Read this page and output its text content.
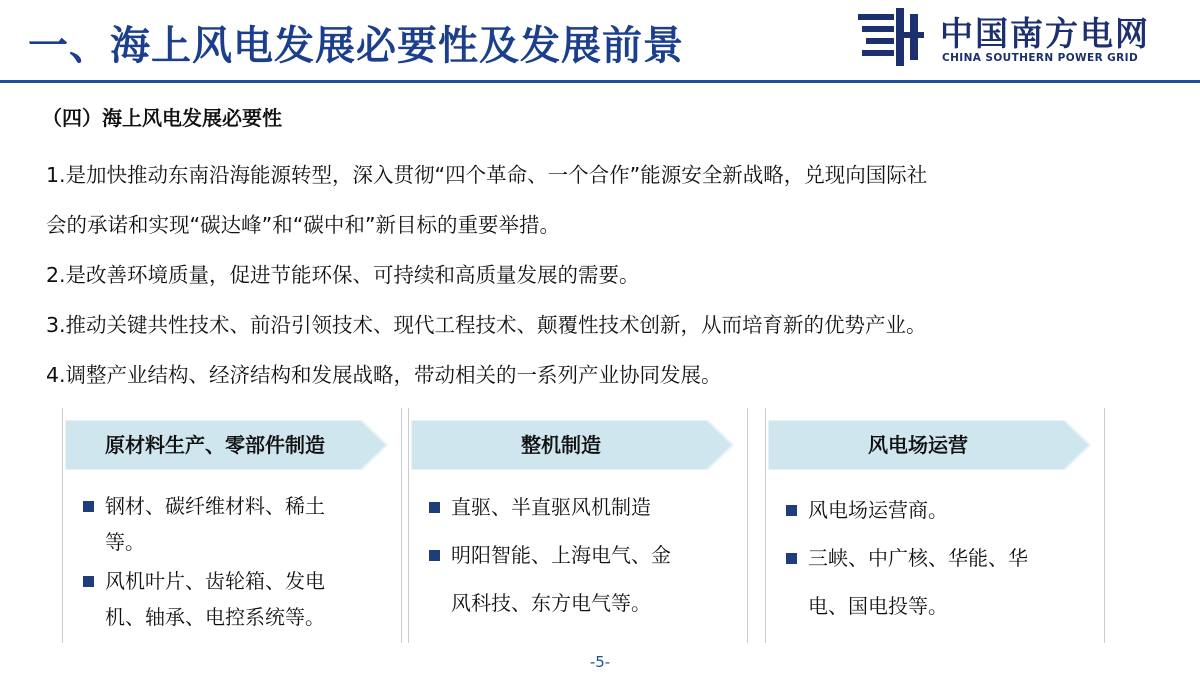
一、海上风电发展必要性及发展前景	中国南方电网
CHINA SOUTHERN POWER GRID
（四）海上风电发展必要性
1.是加快推动东南沿海能源转型，深入贯彻“四个革命、一个合作”能源安全新战略，兑现向国际社
会的承诺和实现“碳达峰”和“碳中和”新目标的重要举措。
2.是改善环境质量，促进节能环保、可持续和高质量发展的需要。
3.推动关键共性技术、前沿引领技术、现代工程技术、颠覆性技术创新，从而培育新的优势产业。
4.调整产业结构、经济结构和发展战略，带动相关的一系列产业协同发展。
原材料生产、零部件制造
钢材、碳纤维材料、稀土
等。
风机叶片、齿轮箱、发电
机、轴承、电控系统等。
整机制造
直驱、半直驱风机制造
明阳智能、上海电气、金
风科技、东方电气等。
风电场运营
风电场运营商。
三峡、中广核、华能、华
电、国电投等。
-5-
